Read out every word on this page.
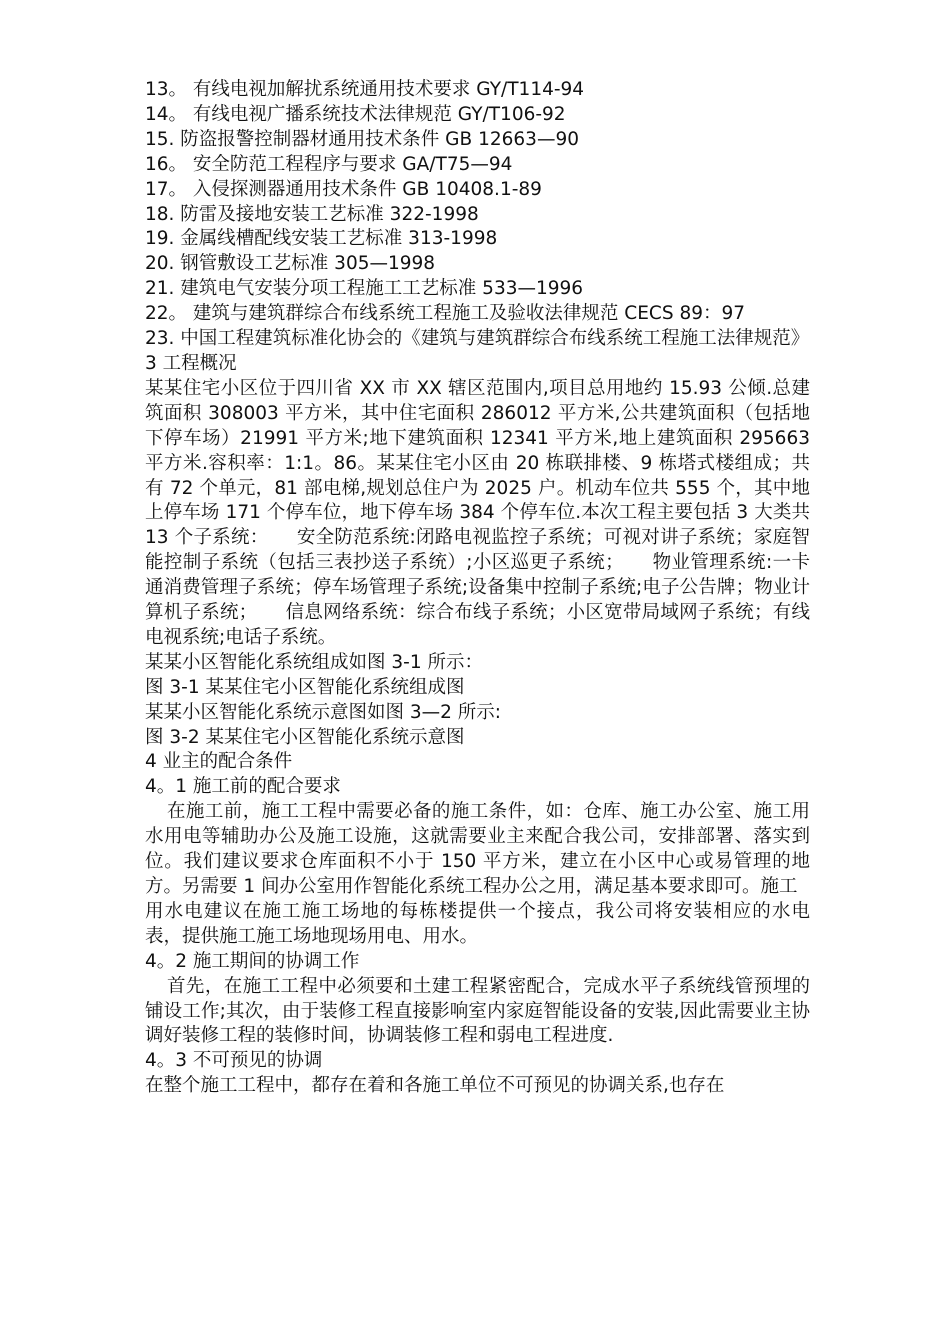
13。 有线电视加解扰系统通用技术要求 GY/T114-94
14。 有线电视广播系统技术法律规范 GY/T106-92
15. 防盗报警控制器材通用技术条件 GB 12663—90
16。 安全防范工程程序与要求 GA/T75—94
17。 入侵探测器通用技术条件 GB 10408.1-89
18. 防雷及接地安装工艺标准 322-1998
19. 金属线槽配线安装工艺标准 313-1998
20. 钢管敷设工艺标准 305—1998
21. 建筑电气安装分项工程施工工艺标准 533—1996
22。 建筑与建筑群综合布线系统工程施工及验收法律规范 CECS 89：97
23. 中国工程建筑标准化协会的《建筑与建筑群综合布线系统工程施工法律规范》
3 工程概况
某某住宅小区位于四川省 XX 市 XX 辖区范围内,项目总用地约 15.93 公倾.总建筑面积 308003 平方米，其中住宅面积 286012 平方米,公共建筑面积（包括地下停车场）21991 平方米;地下建筑面积 12341 平方米,地上建筑面积 295663 平方米.容积率：1:1。86。某某住宅小区由 20 栋联排楼、9 栋塔式楼组成；共有 72 个单元，81 部电梯,规划总住户为 2025 户。机动车位共 555 个，其中地上停车场 171 个停车位，地下停车场 384 个停车位.本次工程主要包括 3 大类共 13 个子系统：　　安全防范系统:闭路电视监控子系统；可视对讲子系统；家庭智能控制子系统（包括三表抄送子系统）;小区巡更子系统；　　物业管理系统:一卡通消费管理子系统；停车场管理子系统;设备集中控制子系统;电子公告牌；物业计算机子系统；　　信息网络系统：综合布线子系统；小区宽带局域网子系统；有线电视系统;电话子系统。
某某小区智能化系统组成如图 3-1 所示：
图 3-1 某某住宅小区智能化系统组成图
某某小区智能化系统示意图如图 3—2 所示:
图 3-2 某某住宅小区智能化系统示意图
4 业主的配合条件
4。1 施工前的配合要求
在施工前，施工工程中需要必备的施工条件，如：仓库、施工办公室、施工用水用电等辅助办公及施工设施，这就需要业主来配合我公司，安排部署、落实到位。我们建议要求仓库面积不小于 150 平方米，建立在小区中心或易管理的地方。另需要 1 间办公室用作智能化系统工程办公之用，满足基本要求即可。施工
用水电建议在施工施工场地的每栋楼提供一个接点，我公司将安装相应的水电表，提供施工施工场地现场用电、用水。
4。2 施工期间的协调工作
首先，在施工工程中必须要和土建工程紧密配合，完成水平子系统线管预埋的铺设工作;其次，由于装修工程直接影响室内家庭智能设备的安装,因此需要业主协调好装修工程的装修时间，协调装修工程和弱电工程进度.
4。3 不可预见的协调
在整个施工工程中，都存在着和各施工单位不可预见的协调关系,也存在
